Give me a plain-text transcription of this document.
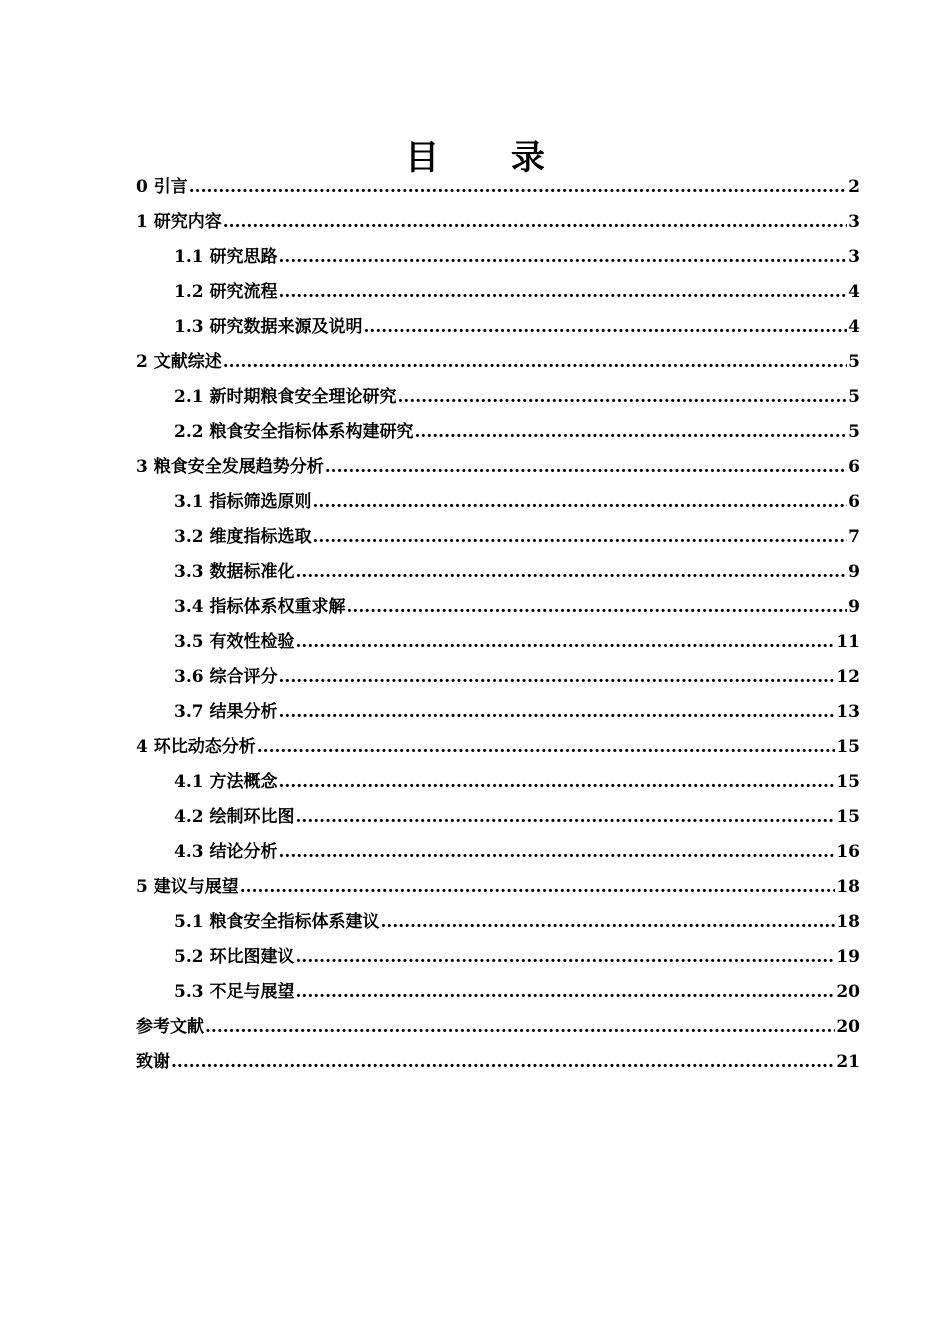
目 录
0 引言 .....	2
1 研究内容 .....	3
1.1 研究思路 .....	3
1.2 研究流程 .....	4
1.3 研究数据来源及说明 .....	4
2 文献综述 .....	5
2.1 新时期粮食安全理论研究 .....	5
2.2 粮食安全指标体系构建研究 .....	5
3 粮食安全发展趋势分析 .....	6
3.1 指标筛选原则 .....	6
3.2 维度指标选取 .....	7
3.3 数据标准化 .....	9
3.4 指标体系权重求解 .....	9
3.5 有效性检验 .....	11
3.6 综合评分 .....	12
3.7 结果分析 .....	13
4 环比动态分析 .....	15
4.1 方法概念 .....	15
4.2 绘制环比图 .....	15
4.3 结论分析 .....	16
5 建议与展望 .....	18
5.1 粮食安全指标体系建议 .....	18
5.2 环比图建议 .....	19
5.3 不足与展望 .....	20
参考文献 .....	20
致谢 .....	21
